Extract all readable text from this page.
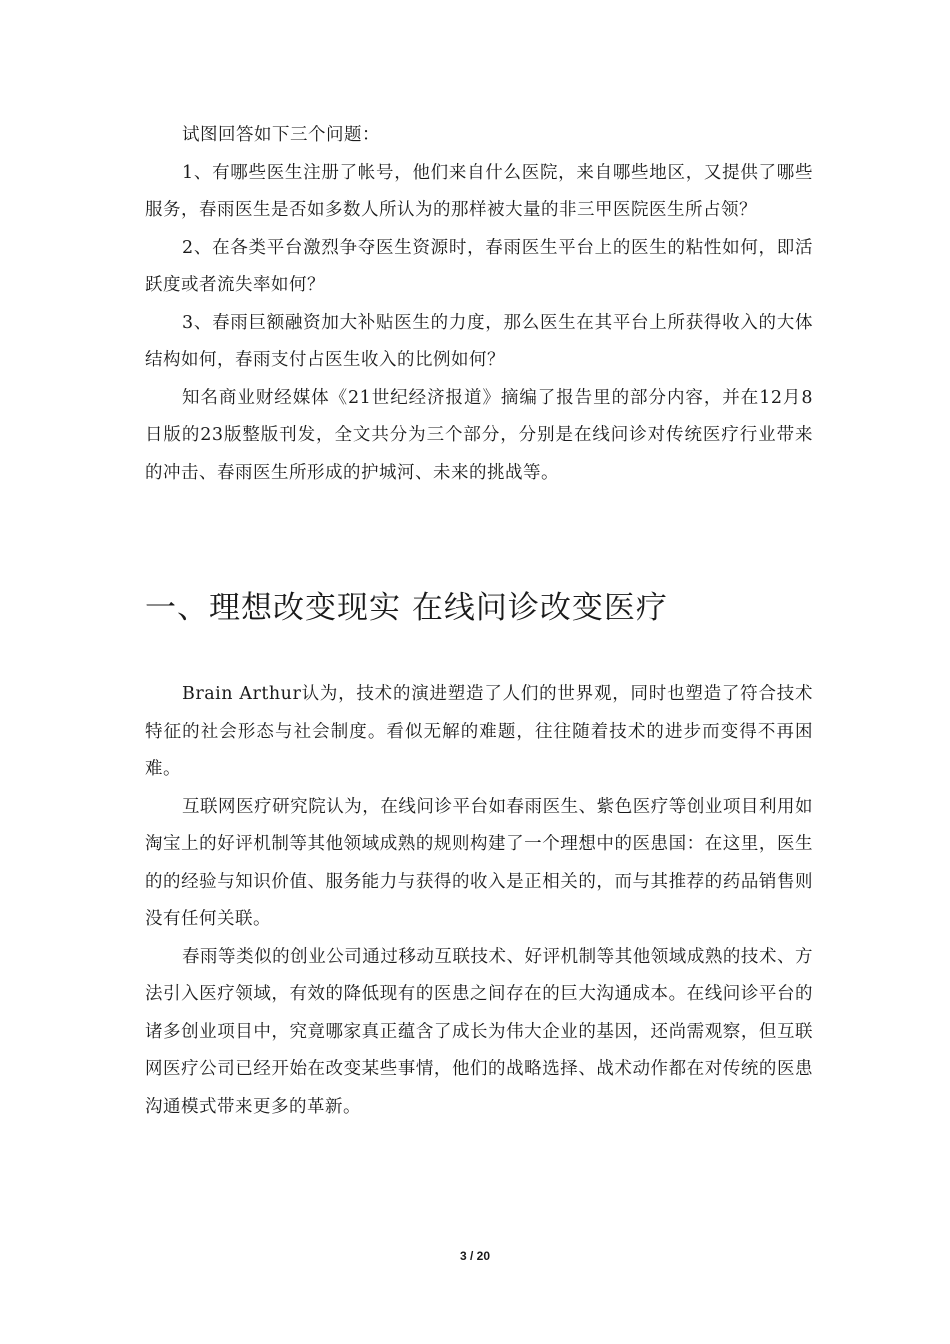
试图回答如下三个问题：

1、有哪些医生注册了帐号，他们来自什么医院，来自哪些地区，又提供了哪些服务，春雨医生是否如多数人所认为的那样被大量的非三甲医院医生所占领？

2、在各类平台激烈争夺医生资源时，春雨医生平台上的医生的粘性如何，即活跃度或者流失率如何？

3、春雨巨额融资加大补贴医生的力度，那么医生在其平台上所获得收入的大体结构如何，春雨支付占医生收入的比例如何？

知名商业财经媒体《21世纪经济报道》摘编了报告里的部分内容，并在12月8日版的23版整版刊发，全文共分为三个部分，分别是在线问诊对传统医疗行业带来的冲击、春雨医生所形成的护城河、未来的挑战等。

一、理想改变现实 在线问诊改变医疗

Brain Arthur认为，技术的演进塑造了人们的世界观，同时也塑造了符合技术特征的社会形态与社会制度。看似无解的难题，往往随着技术的进步而变得不再困难。

互联网医疗研究院认为，在线问诊平台如春雨医生、紫色医疗等创业项目利用如淘宝上的好评机制等其他领域成熟的规则构建了一个理想中的医患国：在这里，医生的的经验与知识价值、服务能力与获得的收入是正相关的，而与其推荐的药品销售则没有任何关联。

春雨等类似的创业公司通过移动互联技术、好评机制等其他领域成熟的技术、方法引入医疗领域，有效的降低现有的医患之间存在的巨大沟通成本。在线问诊平台的诸多创业项目中，究竟哪家真正蕴含了成长为伟大企业的基因，还尚需观察，但互联网医疗公司已经开始在改变某些事情，他们的战略选择、战术动作都在对传统的医患沟通模式带来更多的革新。

3 / 20
